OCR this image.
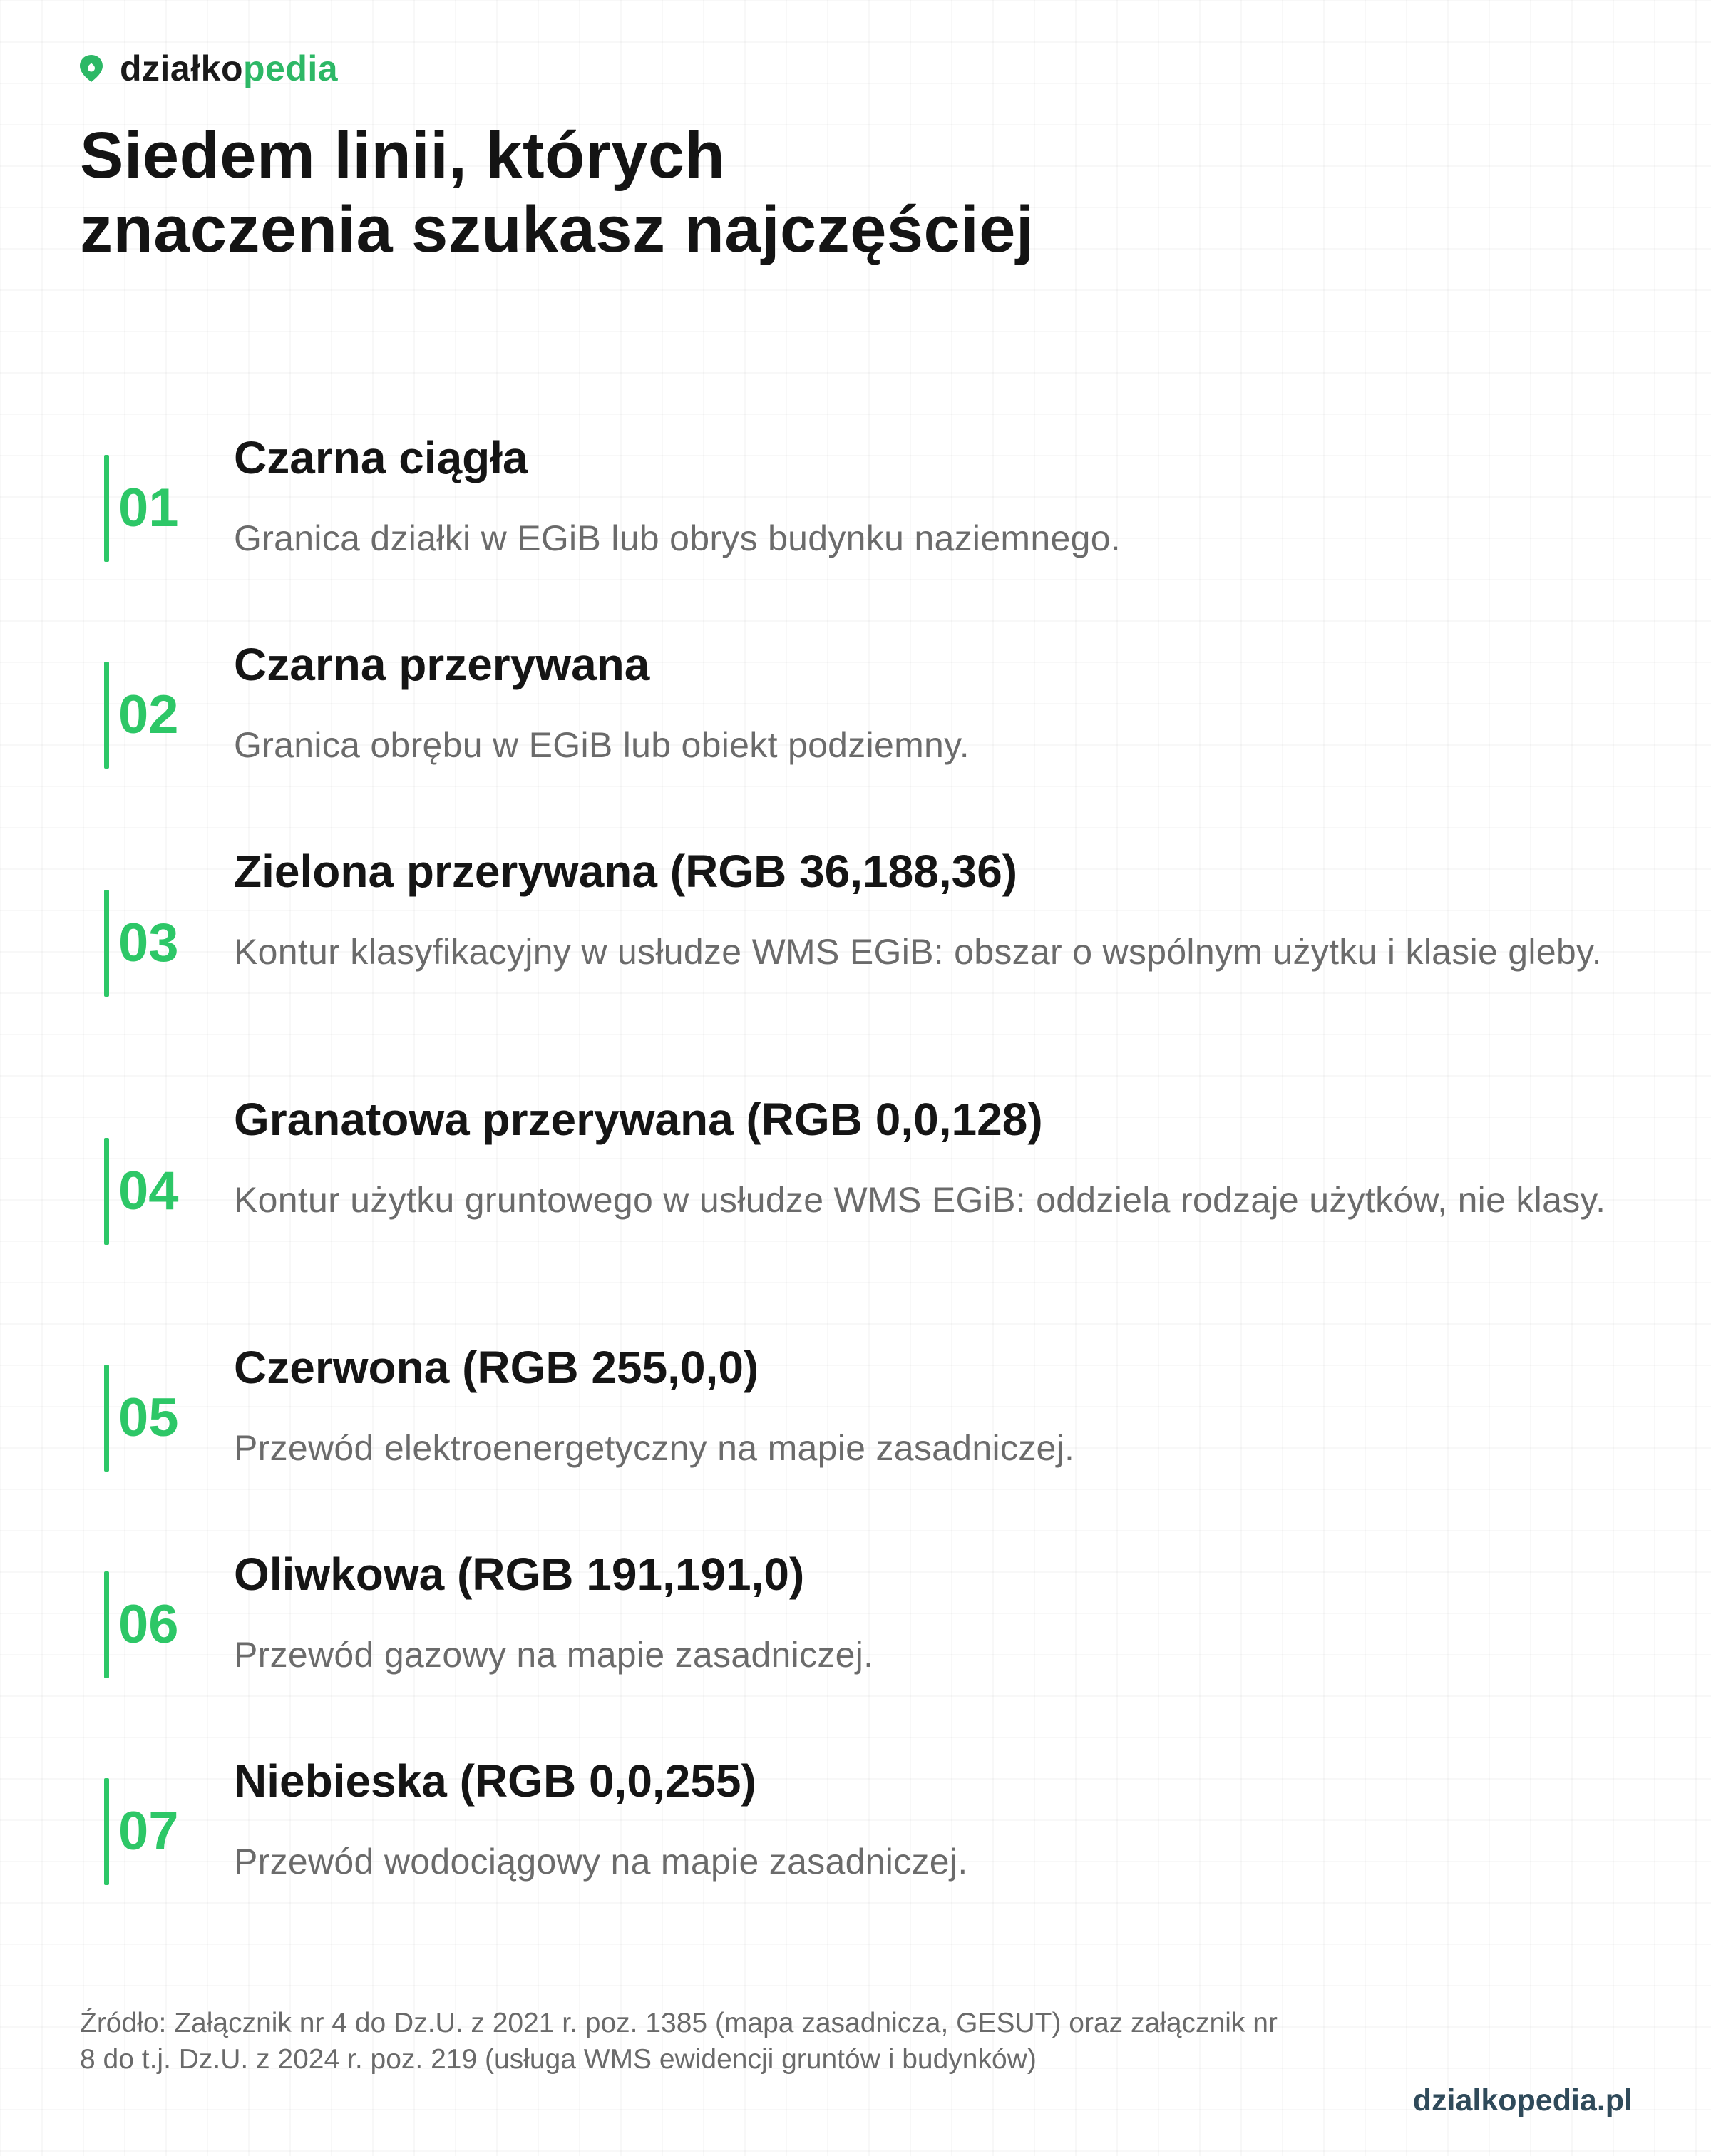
działkopedia
Siedem linii, których
znaczenia szukasz najczęściej
01
Czarna ciągła

Granica działki w EGiB lub obrys budynku naziemnego.

02
Czarna przerywana

Granica obrębu w EGiB lub obiekt podziemny.

03
Zielona przerywana (RGB 36,188,36)

Kontur klasyfikacyjny w usłudze WMS EGiB: obszar o wspólnym użytku i klasie gleby.

04
Granatowa przerywana (RGB 0,0,128)

Kontur użytku gruntowego w usłudze WMS EGiB: oddziela rodzaje użytków, nie klasy.

05
Czerwona (RGB 255,0,0)

Przewód elektroenergetyczny na mapie zasadniczej.

06
Oliwkowa (RGB 191,191,0)

Przewód gazowy na mapie zasadniczej.

07
Niebieska (RGB 0,0,255)

Przewód wodociągowy na mapie zasadniczej.

Źródło: Załącznik nr 4 do Dz.U. z 2021 r. poz. 1385 (mapa zasadnicza, GESUT) oraz załącznik nr 8 do t.j. Dz.U. z 2024 r. poz. 219 (usługa WMS ewidencji gruntów i budynków)

dzialkopedia.pl
